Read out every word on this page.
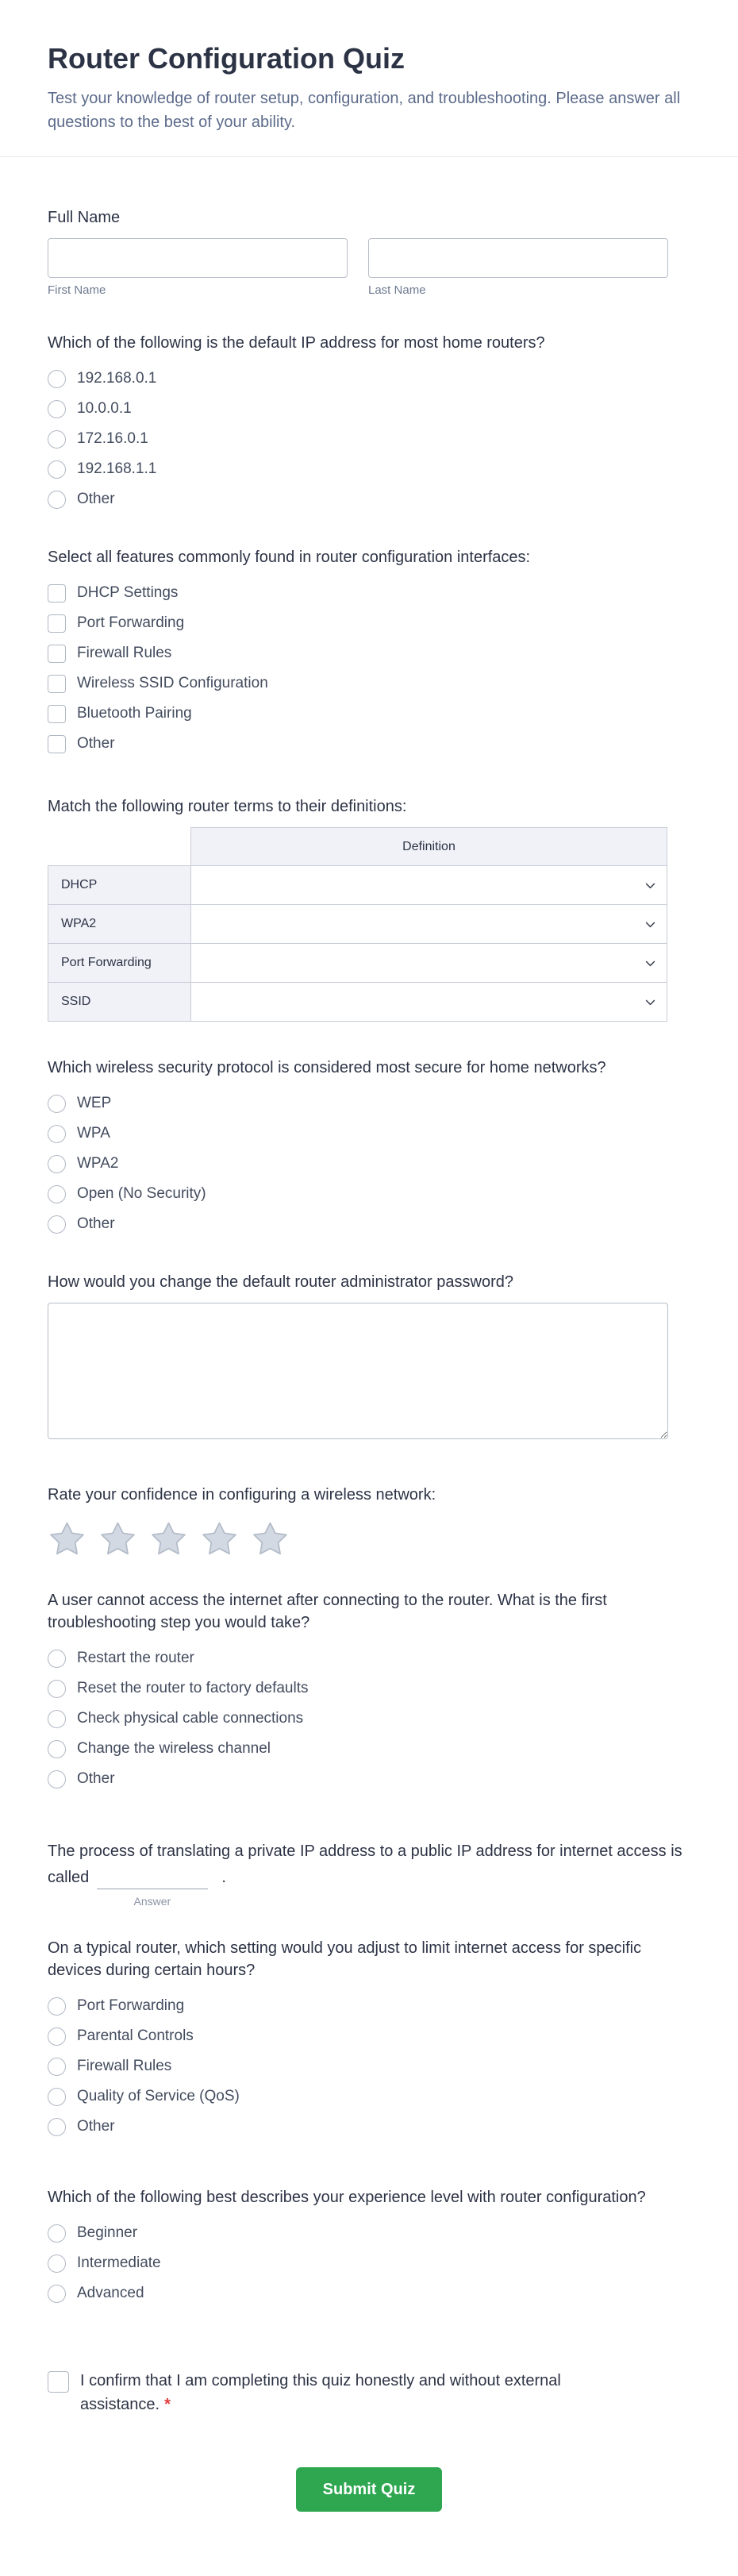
Router Configuration Quiz

Test your knowledge of router setup, configuration, and troubleshooting. Please answer all questions to the best of your ability.

Full Name
First Name	Last Name
Which of the following is the default IP address for most home routers?
192.168.0.1
10.0.0.1
172.16.0.1
192.168.1.1
Other
Select all features commonly found in router configuration interfaces:
DHCP Settings
Port Forwarding
Firewall Rules
Wireless SSID Configuration
Bluetooth Pairing
Other
Match the following router terms to their definitions:
	Definition
DHCP	

WPA2	

Port Forwarding	

SSID	
Which wireless security protocol is considered most secure for home networks?
WEP
WPA
WPA2
Open (No Security)
Other
How would you change the default router administrator password?
Rate your confidence in configuring a wireless network:
A user cannot access the internet after connecting to the router. What is the first troubleshooting step you would take?
Restart the router
Reset the router to factory defaults
Check physical cable connections
Change the wireless channel
Other
The process of translating a private IP address to a public IP address for internet access is called
Answer
.
On a typical router, which setting would you adjust to limit internet access for specific devices during certain hours?
Port Forwarding
Parental Controls
Firewall Rules
Quality of Service (QoS)
Other
Which of the following best describes your experience level with router configuration?
Beginner
Intermediate
Advanced
I confirm that I am completing this quiz honestly and without external assistance. *
Submit Quiz
